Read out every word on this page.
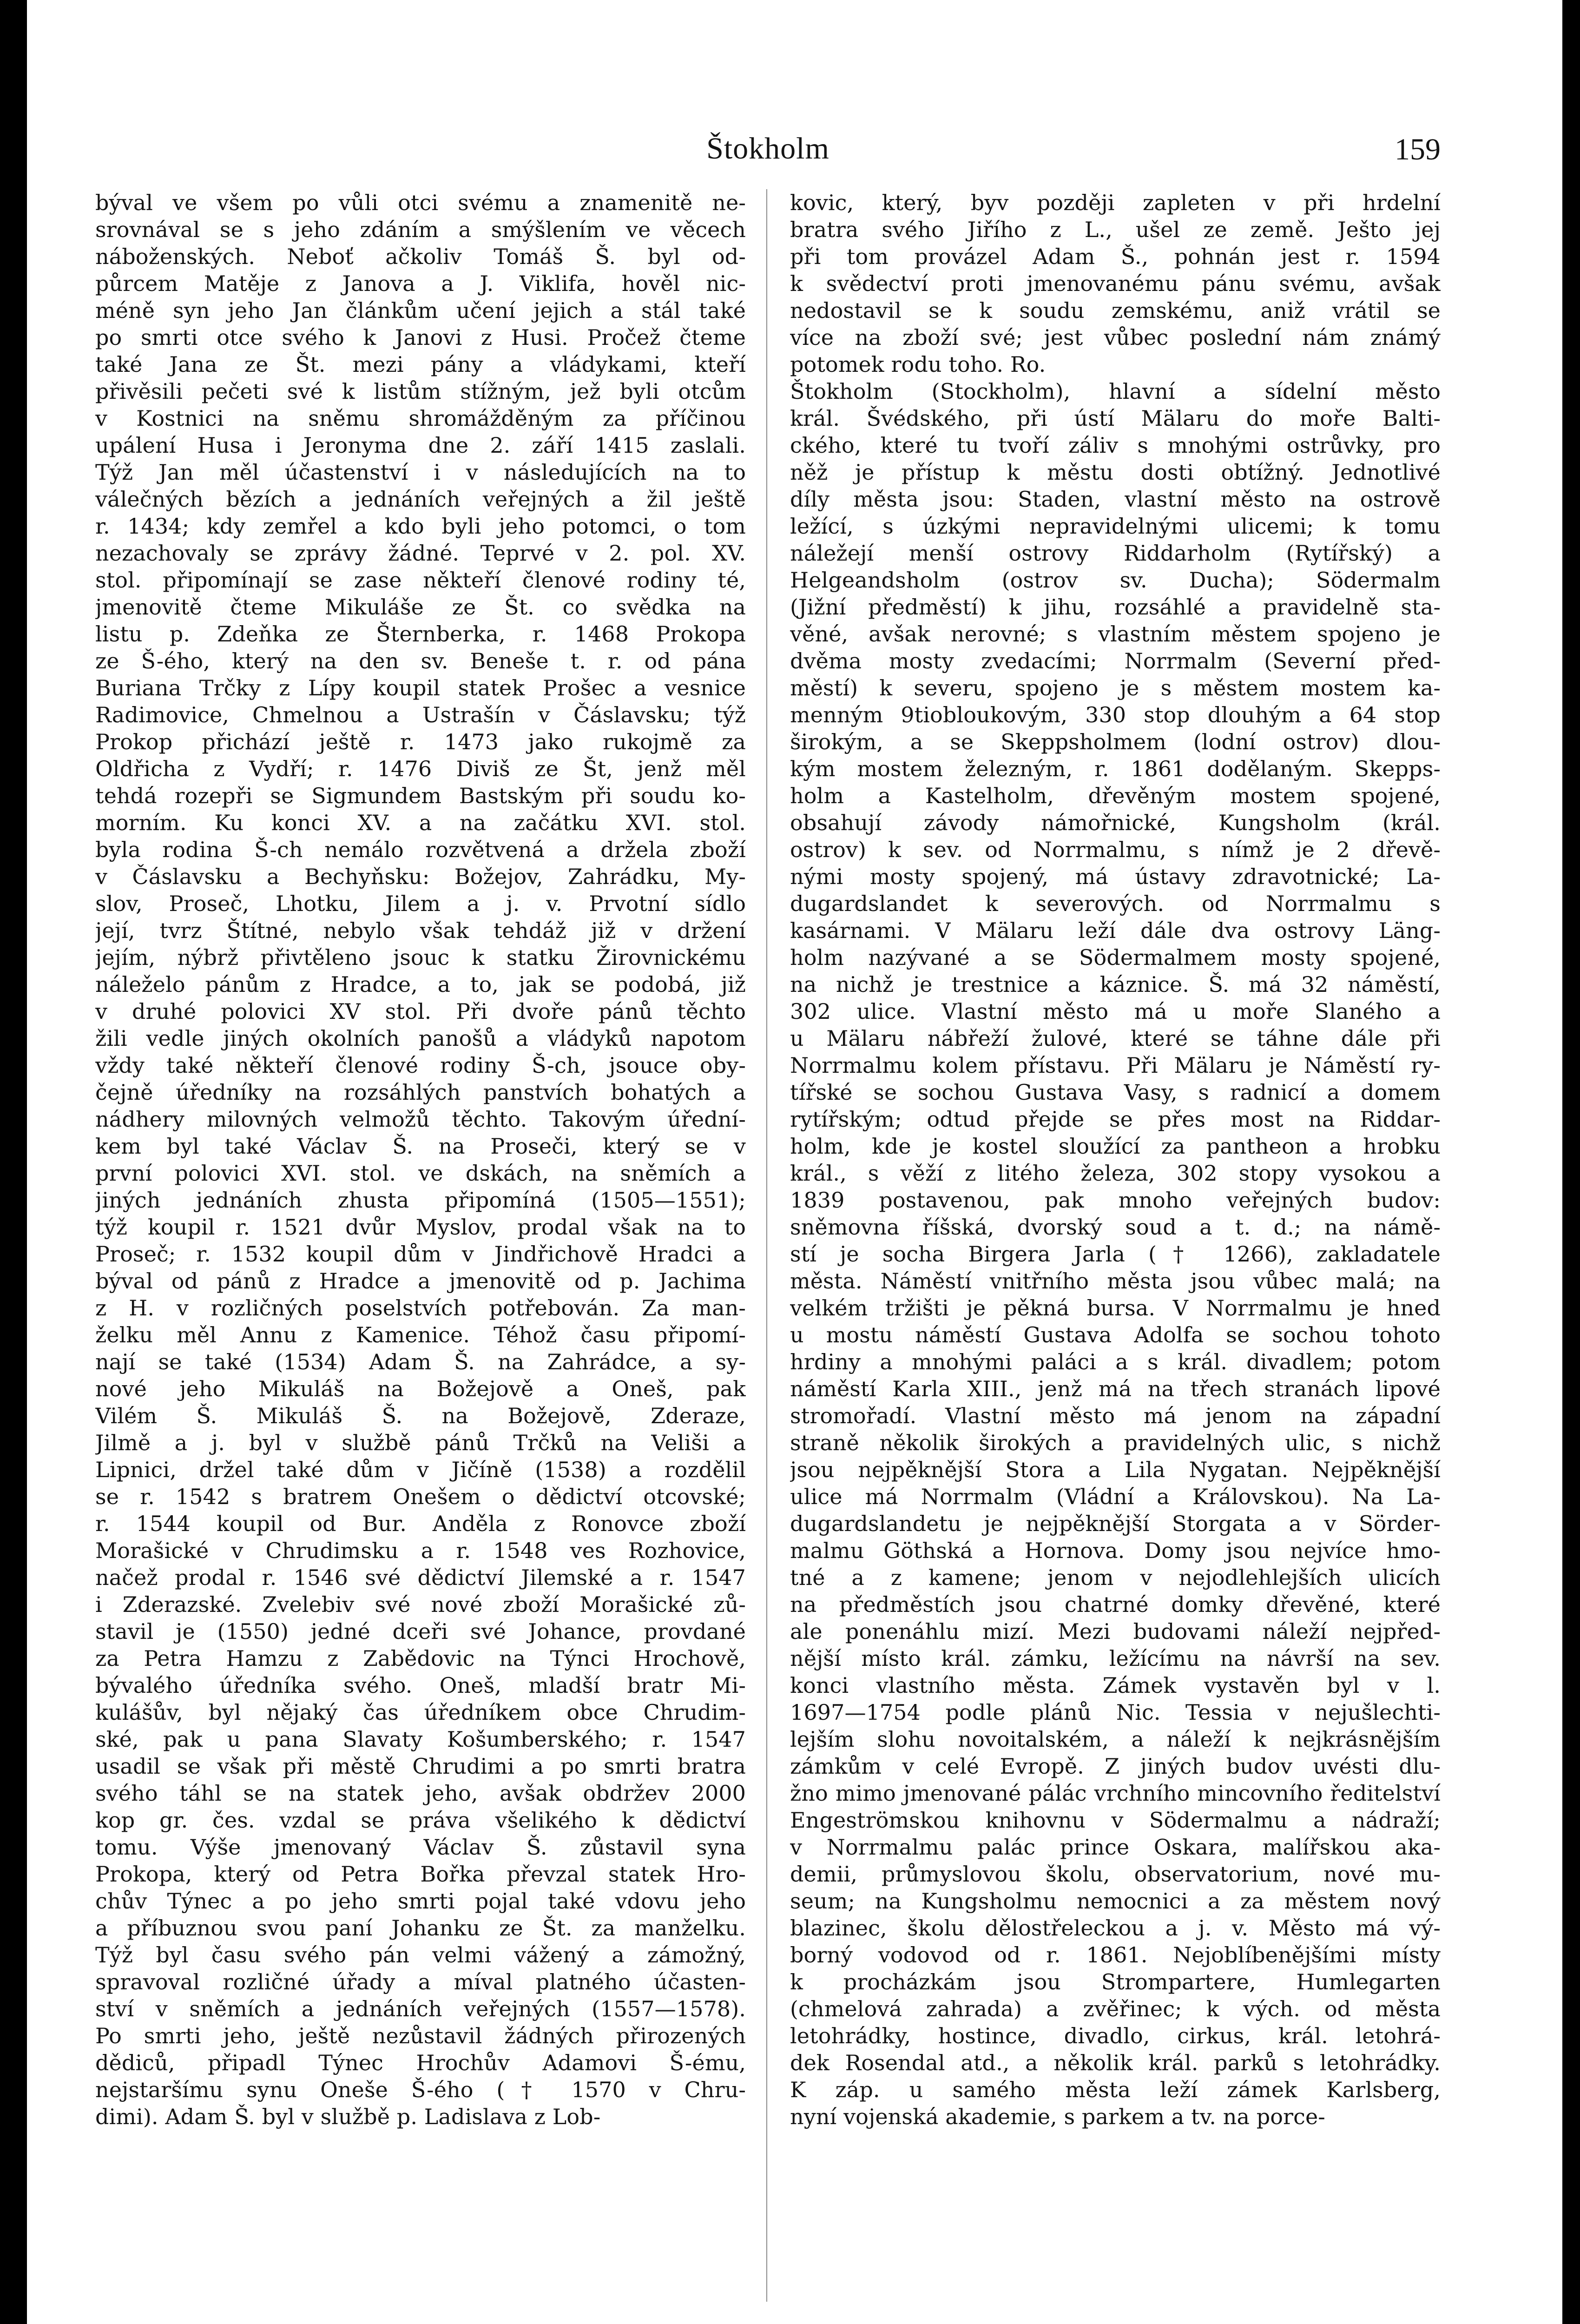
Štokholm	159
býval ve všem po vůli otci svému a znamenitě ne-
srovnával se s jeho zdáním a smýšlením ve věcech
náboženských. Neboť ačkoliv Tomáš Š. byl od-
půrcem Matěje z Janova a J. Viklifa, hověl nic-
méně syn jeho Jan článkům učení jejich a stál také
po smrti otce svého k Janovi z Husi. Pročež čteme
také Jana ze Št. mezi pány a vládykami, kteří
přivěsili pečeti své k listům stížným, jež byli otcům
v Kostnici na sněmu shromážděným za příčinou
upálení Husa i Jeronyma dne 2. září 1415 zaslali.
Týž Jan měl účastenství i v následujících na to
válečných bězích a jednáních veřejných a žil ještě
r. 1434; kdy zemřel a kdo byli jeho potomci, o tom
nezachovaly se zprávy žádné. Teprvé v 2. pol. XV.
stol. připomínají se zase někteří členové rodiny té,
jmenovitě čteme Mikuláše ze Št. co svědka na
listu p. Zdeňka ze Šternberka, r. 1468 Prokopa
ze Š-ého, který na den sv. Beneše t. r. od pána
Buriana Trčky z Lípy koupil statek Prošec a vesnice
Radimovice, Chmelnou a Ustrašín v Čáslavsku; týž
Prokop přichází ještě r. 1473 jako rukojmě za
Oldřicha z Vydří; r. 1476 Diviš ze Št, jenž měl
tehdá rozepři se Sigmundem Bastským při soudu ko-
morním. Ku konci XV. a na začátku XVI. stol.
byla rodina Š-ch nemálo rozvětvená a držela zboží
v Čáslavsku a Bechyňsku: Božejov, Zahrádku, My-
slov, Proseč, Lhotku, Jilem a j. v. Prvotní sídlo
její, tvrz Štítné, nebylo však tehdáž již v držení
jejím, nýbrž přivtěleno jsouc k statku Žirovnickému
náleželo pánům z Hradce, a to, jak se podobá, již
v druhé polovici XV stol. Při dvoře pánů těchto
žili vedle jiných okolních panošů a vládyků napotom
vždy také někteří členové rodiny Š-ch, jsouce oby-
čejně úředníky na rozsáhlých panstvích bohatých a
nádhery milovných velmožů těchto. Takovým úřední-
kem byl také Václav Š. na Proseči, který se v
první polovici XVI. stol. ve dskách, na sněmích a
jiných jednáních zhusta připomíná (1505—1551);
týž koupil r. 1521 dvůr Myslov, prodal však na to
Proseč; r. 1532 koupil dům v Jindřichově Hradci a
býval od pánů z Hradce a jmenovitě od p. Jachima
z H. v rozličných poselstvích potřebován. Za man-
želku měl Annu z Kamenice. Téhož času připomí-
nají se také (1534) Adam Š. na Zahrádce, a sy-
nové jeho Mikuláš na Božejově a Oneš, pak
Vilém Š. Mikuláš Š. na Božejově, Zderaze,
Jilmě a j. byl v službě pánů Trčků na Veliši a
Lipnici, držel také dům v Jičíně (1538) a rozdělil
se r. 1542 s bratrem Onešem o dědictví otcovské;
r. 1544 koupil od Bur. Anděla z Ronovce zboží
Morašické v Chrudimsku a r. 1548 ves Rozhovice,
načež prodal r. 1546 své dědictví Jilemské a r. 1547
i Zderazské. Zvelebiv své nové zboží Morašické zů-
stavil je (1550) jedné dceři své Johance, provdané
za Petra Hamzu z Zabědovic na Týnci Hrochově,
bývalého úředníka svého. Oneš, mladší bratr Mi-
kulášův, byl nějaký čas úředníkem obce Chrudim-
ské, pak u pana Slavaty Košumberského; r. 1547
usadil se však při městě Chrudimi a po smrti bratra
svého táhl se na statek jeho, avšak obdržev 2000
kop gr. čes. vzdal se práva všelikého k dědictví
tomu. Výše jmenovaný Václav Š. zůstavil syna
Prokopa, který od Petra Bořka převzal statek Hro-
chův Týnec a po jeho smrti pojal také vdovu jeho
a příbuznou svou paní Johanku ze Št. za manželku.
Týž byl času svého pán velmi vážený a zámožný,
spravoval rozličné úřady a míval platného účasten-
ství v sněmích a jednáních veřejných (1557—1578).
Po smrti jeho, ještě nezůstavil žádných přirozených
dědiců, připadl Týnec Hrochův Adamovi Š-ému,
nejstaršímu synu Oneše Š-ého († 1570 v Chru-
dimi). Adam Š. byl v službě p. Ladislava z Lob-
kovic, který, byv později zapleten v při hrdelní
bratra svého Jiřího z L., ušel ze země. Ješto jej
při tom provázel Adam Š., pohnán jest r. 1594
k svědectví proti jmenovanému pánu svému, avšak
nedostavil se k soudu zemskému, aniž vrátil se
více na zboží své; jest vůbec poslední nám známý
potomek rodu toho. Ro.
Štokholm (Stockholm), hlavní a sídelní město
král. Švédského, při ústí Mälaru do moře Balti-
ckého, které tu tvoří záliv s mnohými ostrůvky, pro
něž je přístup k městu dosti obtížný. Jednotlivé
díly města jsou: Staden, vlastní město na ostrově
ležící, s úzkými nepravidelnými ulicemi; k tomu
náležejí menší ostrovy Riddarholm (Rytířský) a
Helgeandsholm (ostrov sv. Ducha); Södermalm
(Jižní předměstí) k jihu, rozsáhlé a pravidelně sta-
věné, avšak nerovné; s vlastním městem spojeno je
dvěma mosty zvedacími; Norrmalm (Severní před-
městí) k severu, spojeno je s městem mostem ka-
menným 9tiobloukovým, 330 stop dlouhým a 64 stop
širokým, a se Skeppsholmem (lodní ostrov) dlou-
kým mostem železným, r. 1861 dodělaným. Skepps-
holm a Kastelholm, dřevěným mostem spojené,
obsahují závody námořnické, Kungsholm (král.
ostrov) k sev. od Norrmalmu, s nímž je 2 dřevě-
nými mosty spojený, má ústavy zdravotnické; La-
dugardslandet k severových. od Norrmalmu s
kasárnami. V Mälaru leží dále dva ostrovy Läng-
holm nazývané a se Södermalmem mosty spojené,
na nichž je trestnice a káznice. Š. má 32 náměstí,
302 ulice. Vlastní město má u moře Slaného a
u Mälaru nábřeží žulové, které se táhne dále při
Norrmalmu kolem přístavu. Při Mälaru je Náměstí ry-
tířské se sochou Gustava Vasy, s radnicí a domem
rytířským; odtud přejde se přes most na Riddar-
holm, kde je kostel sloužící za pantheon a hrobku
král., s věží z litého železa, 302 stopy vysokou a
1839 postavenou, pak mnoho veřejných budov:
sněmovna říšská, dvorský soud a t. d.; na námě-
stí je socha Birgera Jarla († 1266), zakladatele
města. Náměstí vnitřního města jsou vůbec malá; na
velkém tržišti je pěkná bursa. V Norrmalmu je hned
u mostu náměstí Gustava Adolfa se sochou tohoto
hrdiny a mnohými paláci a s král. divadlem; potom
náměstí Karla XIII., jenž má na třech stranách lipové
stromořadí. Vlastní město má jenom na západní
straně několik širokých a pravidelných ulic, s nichž
jsou nejpěknější Stora a Lila Nygatan. Nejpěknější
ulice má Norrmalm (Vládní a Královskou). Na La-
dugardslandetu je nejpěknější Storgata a v Sörder-
malmu Göthská a Hornova. Domy jsou nejvíce hmo-
tné a z kamene; jenom v nejodlehlejších ulicích
na předměstích jsou chatrné domky dřevěné, které
ale ponenáhlu mizí. Mezi budovami náleží nejpřed-
nější místo král. zámku, ležícímu na návrší na sev.
konci vlastního města. Zámek vystavěn byl v l.
1697—1754 podle plánů Nic. Tessia v nejušlechti-
lejším slohu novoitalském, a náleží k nejkrásnějším
zámkům v celé Evropě. Z jiných budov uvésti dlu-
žno mimo jmenované pálác vrchního mincovního ředitelství
Engeströmskou knihovnu v Södermalmu a nádraží;
v Norrmalmu palác prince Oskara, malířskou aka-
demii, průmyslovou školu, observatorium, nové mu-
seum; na Kungsholmu nemocnici a za městem nový
blazinec, školu dělostřeleckou a j. v. Město má vý-
borný vodovod od r. 1861. Nejoblíbenějšími místy
k procházkám jsou Strompartere, Humlegarten
(chmelová zahrada) a zvěřinec; k vých. od města
letohrádky, hostince, divadlo, cirkus, král. letohrá-
dek Rosendal atd., a několik král. parků s letohrádky.
K záp. u samého města leží zámek Karlsberg,
nyní vojenská akademie, s parkem a tv. na porce-
